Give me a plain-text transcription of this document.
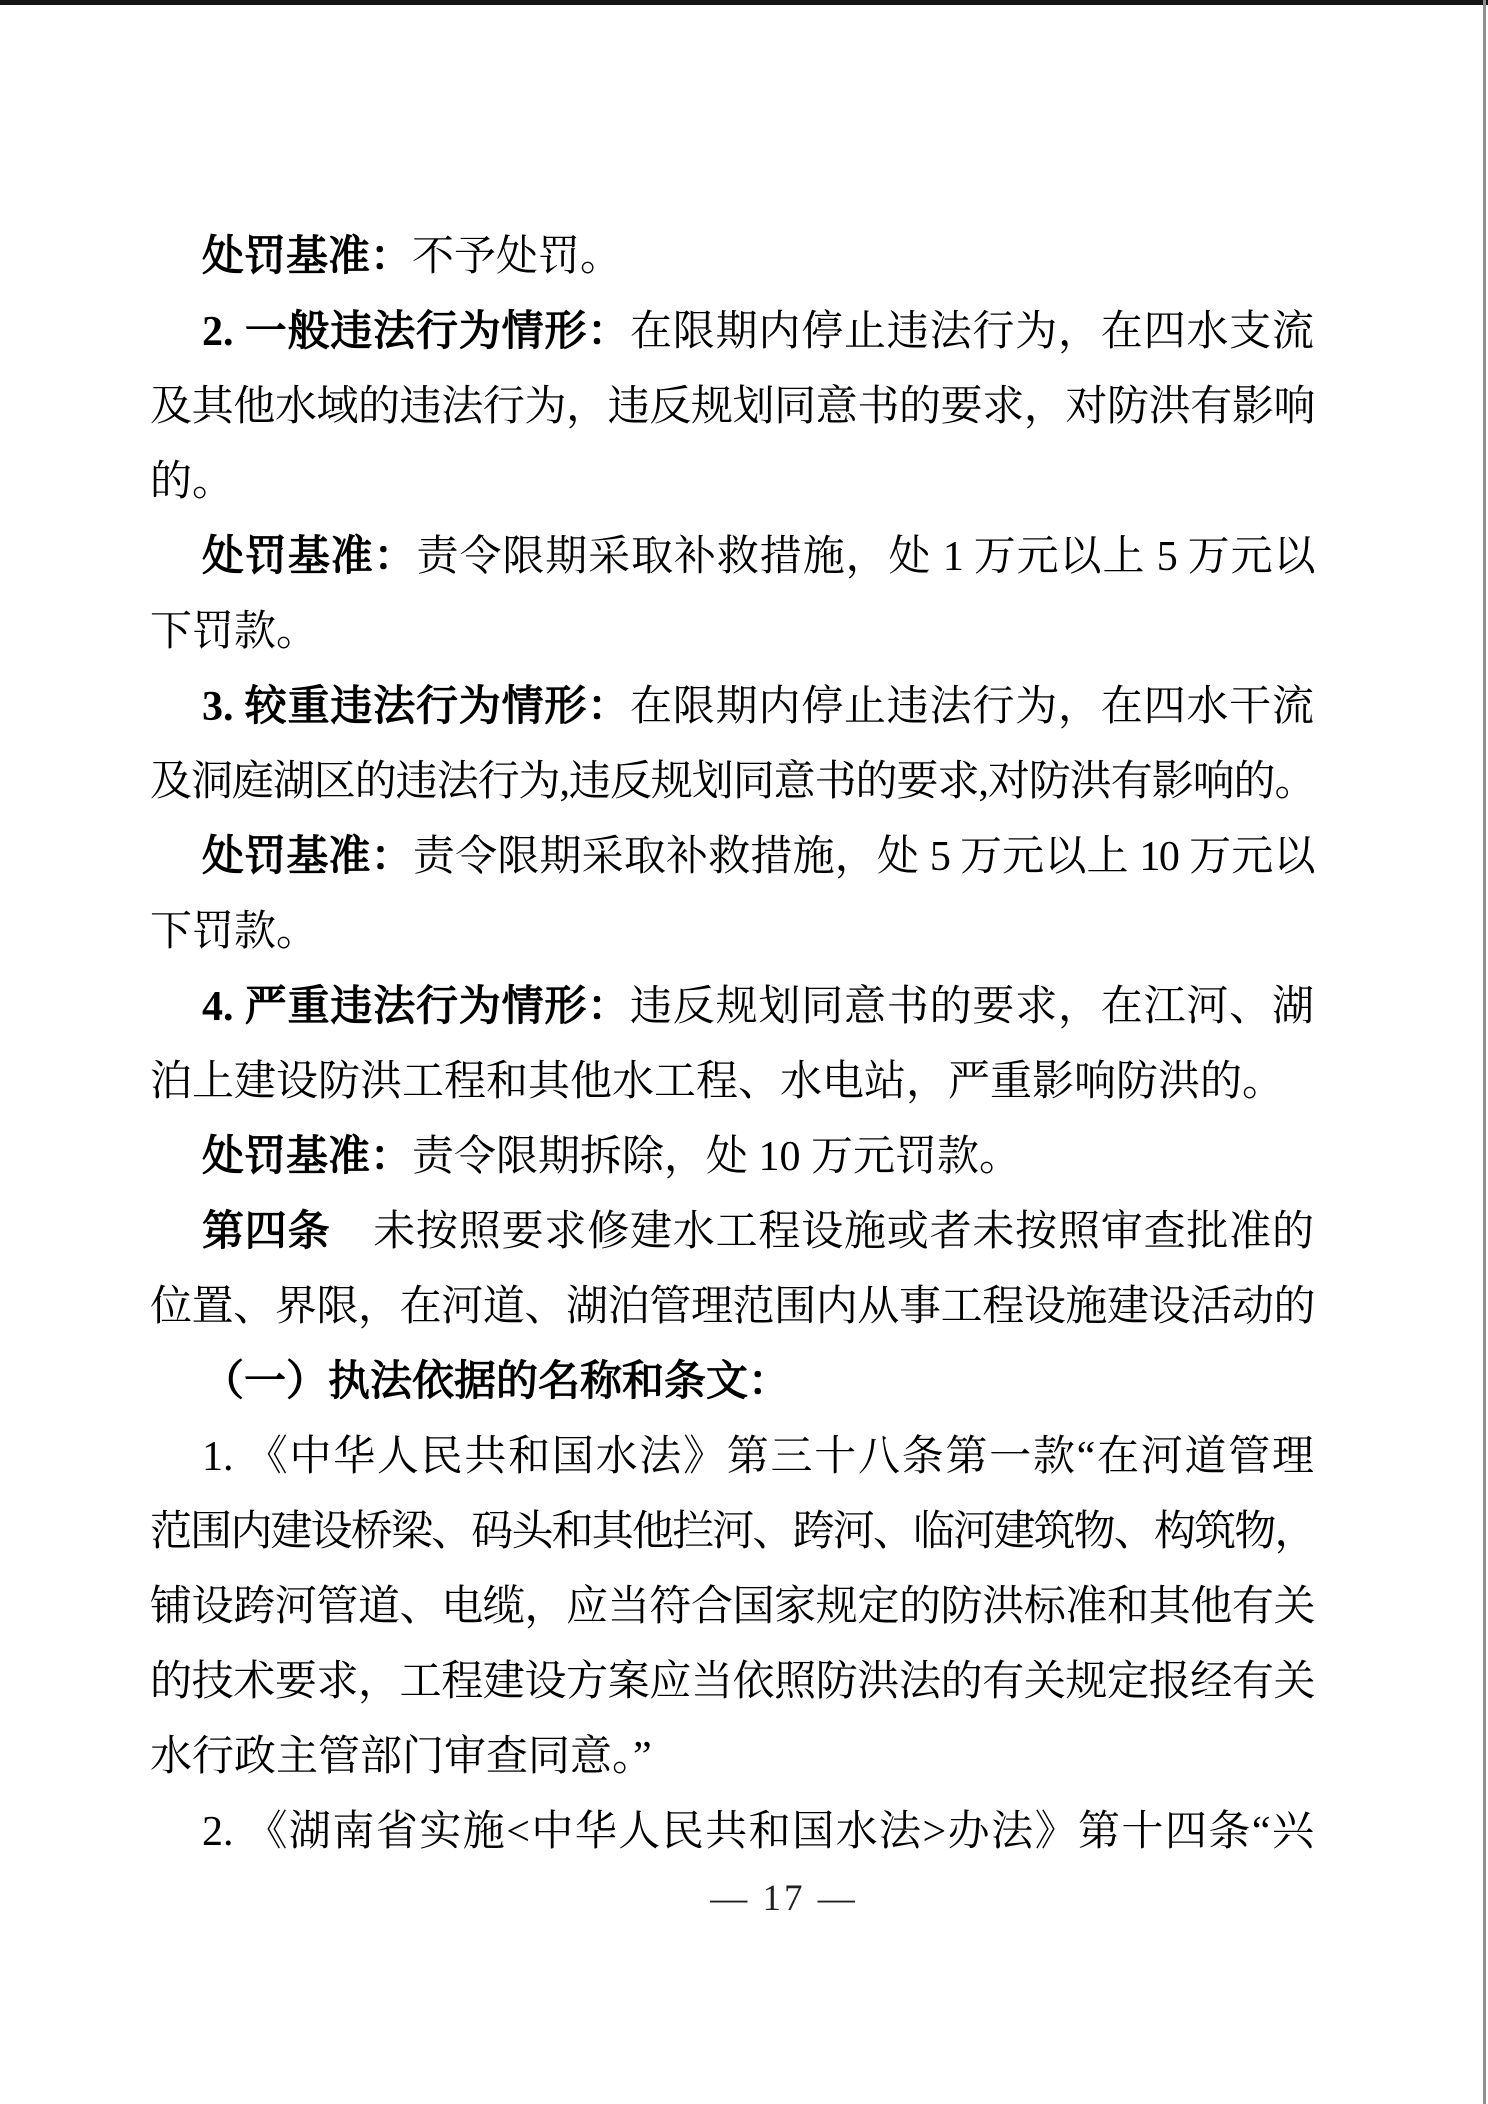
处罚基准：不予处罚。
2. 一般违法行为情形：在限期内停止违法行为，在四水支流
及其他水域的违法行为，违反规划同意书的要求，对防洪有影响
的。
处罚基准：责令限期采取补救措施，处 1 万元以上 5 万元以
下罚款。
3. 较重违法行为情形：在限期内停止违法行为，在四水干流
及洞庭湖区的违法行为,违反规划同意书的要求,对防洪有影响的。
处罚基准：责令限期采取补救措施，处 5 万元以上 10 万元以
下罚款。
4. 严重违法行为情形：违反规划同意书的要求，在江河、湖
泊上建设防洪工程和其他水工程、水电站，严重影响防洪的。
处罚基准：责令限期拆除，处 10 万元罚款。
第四条　未按照要求修建水工程设施或者未按照审查批准的
位置、界限，在河道、湖泊管理范围内从事工程设施建设活动的
（一）执法依据的名称和条文：
1. 《中华人民共和国水法》第三十八条第一款“在河道管理
范围内建设桥梁、码头和其他拦河、跨河、临河建筑物、构筑物，
铺设跨河管道、电缆，应当符合国家规定的防洪标准和其他有关
的技术要求，工程建设方案应当依照防洪法的有关规定报经有关
水行政主管部门审查同意。”
2. 《湖南省实施<中华人民共和国水法>办法》第十四条“兴
— 17 —
